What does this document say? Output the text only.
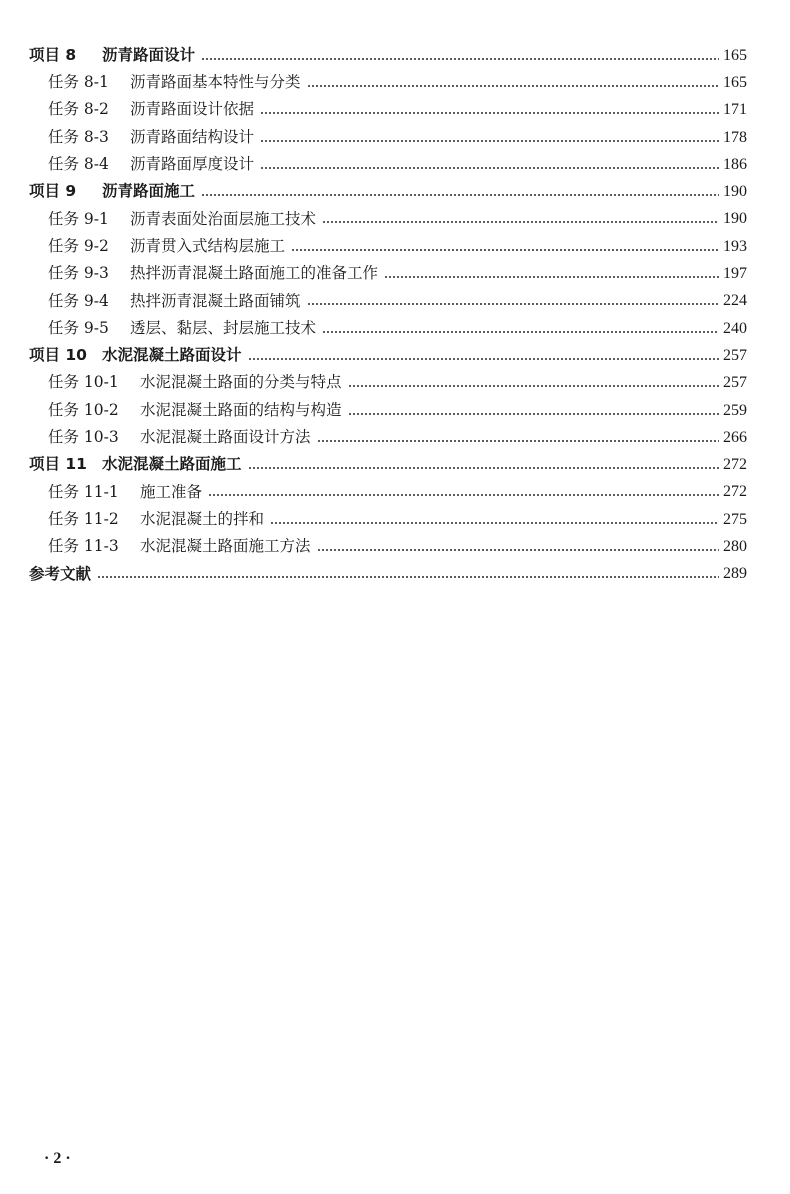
项目 8	沥青路面设计	165
任务 8-1	沥青路面基本特性与分类	165
任务 8-2	沥青路面设计依据	171
任务 8-3	沥青路面结构设计	178
任务 8-4	沥青路面厚度设计	186
项目 9	沥青路面施工	190
任务 9-1	沥青表面处治面层施工技术	190
任务 9-2	沥青贯入式结构层施工	193
任务 9-3	热拌沥青混凝土路面施工的准备工作	197
任务 9-4	热拌沥青混凝土路面铺筑	224
任务 9-5	透层、黏层、封层施工技术	240
项目 10 水泥混凝土路面设计	257
任务 10-1	水泥混凝土路面的分类与特点	257
任务 10-2	水泥混凝土路面的结构与构造	259
任务 10-3	水泥混凝土路面设计方法	266
项目 11 水泥混凝土路面施工	272
任务 11-1	施工准备	272
任务 11-2	水泥混凝土的拌和	275
任务 11-3	水泥混凝土路面施工方法	280
参考文献	289
· 2 ·
